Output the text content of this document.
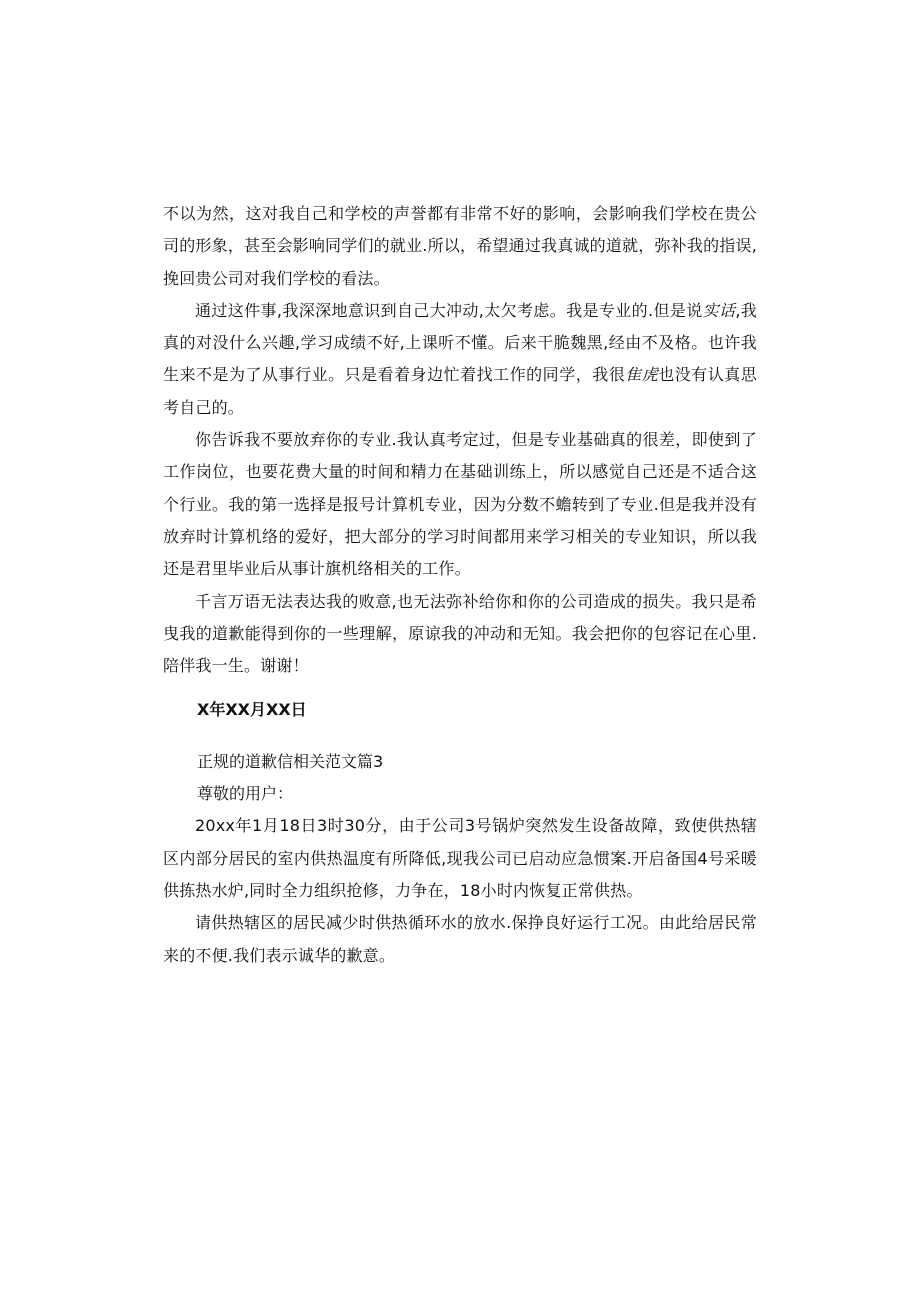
不以为然，这对我自己和学校的声誉都有非常不好的影响，会影响我们学校在贵公司的形象，甚至会影响同学们的就业.所以，希望通过我真诚的道就，弥补我的指误,挽回贵公司对我们学校的看法。

通过这件事,我深深地意识到自己大冲动,太欠考虑。我是专业的.但是说实话,我真的对没什么兴趣,学习成绩不好,上课听不懂。后来干脆魏黑,经由不及格。也许我生来不是为了从事行业。只是看着身边忙着找工作的同学，我很隹虎也没有认真思考自己的。

你告诉我不要放弃你的专业.我认真考定过，但是专业基础真的很差，即使到了工作岗位，也要花费大量的时间和精力在基础训练上，所以感觉自己还是不适合这个行业。我的第一选择是报号计算机专业，因为分数不蟾转到了专业.但是我并没有放弃时计算机络的爱好，把大部分的学习时间都用来学习相关的专业知识，所以我还是君里毕业后从事计旗机络相关的工作。

千言万语无法表达我的败意,也无法弥补给你和你的公司造成的损失。我只是希曳我的道歉能得到你的一些理解，原谅我的冲动和无知。我会把你的包容记在心里.陪伴我一生。谢谢！

X年XX月XX日

正规的道歉信相关范文篇3

尊敬的用户：

20xx年1月18日3时30分，由于公司3号锅炉突然发生设备故障，致使供热辖区内部分居民的室内供热温度有所降低,现我公司已启动应急惯案.开启备国4号采暖供拣热水炉,同时全力组织抢修，力争在，18小时内恢复正常供热。

请供热辖区的居民减少时供热循环水的放水.保挣良好运行工况。由此给居民常来的不便.我们表示诚华的歉意。
